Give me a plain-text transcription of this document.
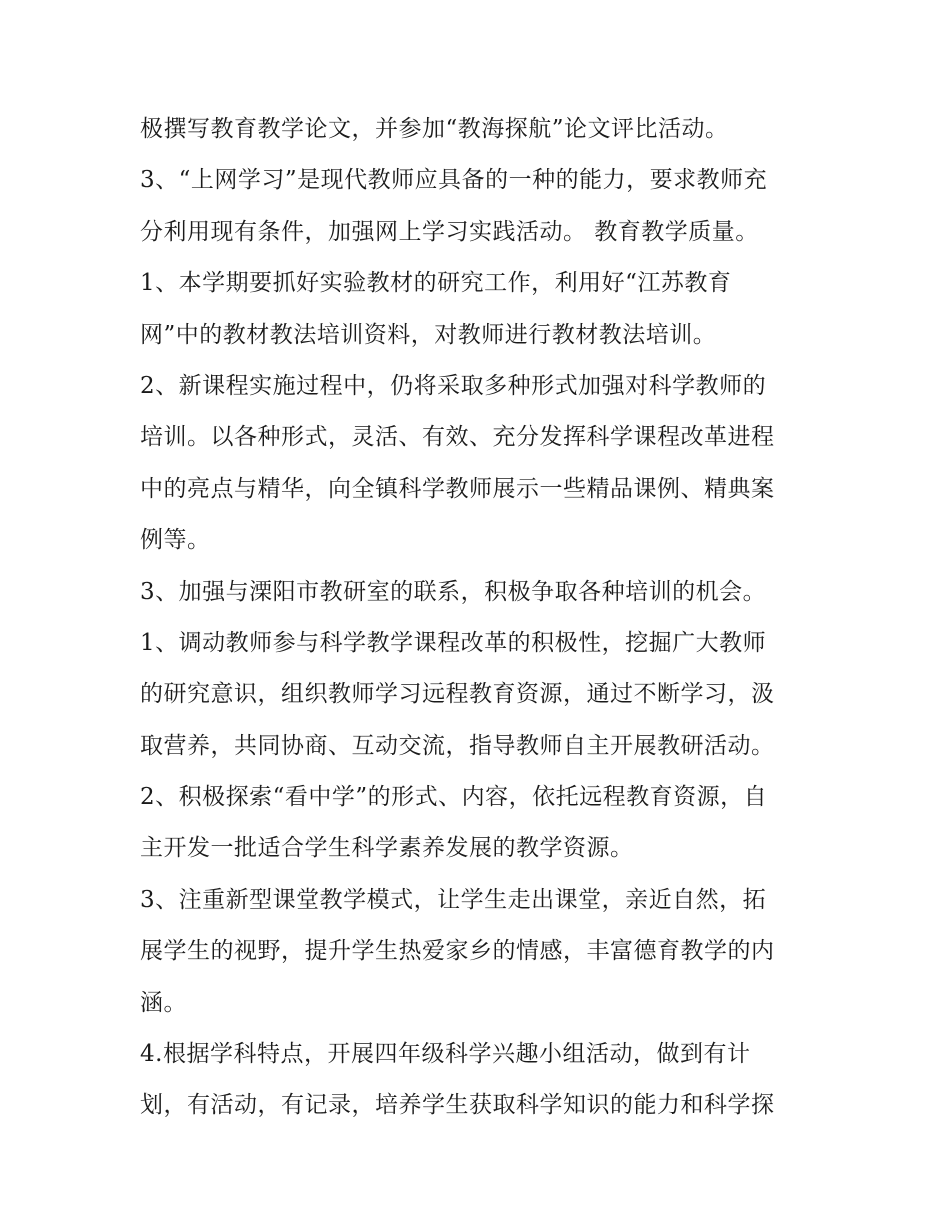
极撰写教育教学论文，并参加“教海探航”论文评比活动。
3、“上网学习”是现代教师应具备的一种的能力，要求教师充
分利用现有条件，加强网上学习实践活动。 教育教学质量。
1、本学期要抓好实验教材的研究工作，利用好“江苏教育
网”中的教材教法培训资料，对教师进行教材教法培训。
2、新课程实施过程中，仍将采取多种形式加强对科学教师的
培训。以各种形式，灵活、有效、充分发挥科学课程改革进程
中的亮点与精华，向全镇科学教师展示一些精品课例、精典案
例等。
3、加强与溧阳市教研室的联系，积极争取各种培训的机会。
1、调动教师参与科学教学课程改革的积极性，挖掘广大教师
的研究意识，组织教师学习远程教育资源，通过不断学习，汲
取营养，共同协商、互动交流，指导教师自主开展教研活动。
2、积极探索“看中学”的形式、内容，依托远程教育资源，自
主开发一批适合学生科学素养发展的教学资源。
3、注重新型课堂教学模式，让学生走出课堂，亲近自然，拓
展学生的视野，提升学生热爱家乡的情感，丰富德育教学的内
涵。
4.根据学科特点，开展四年级科学兴趣小组活动，做到有计
划，有活动，有记录，培养学生获取科学知识的能力和科学探
